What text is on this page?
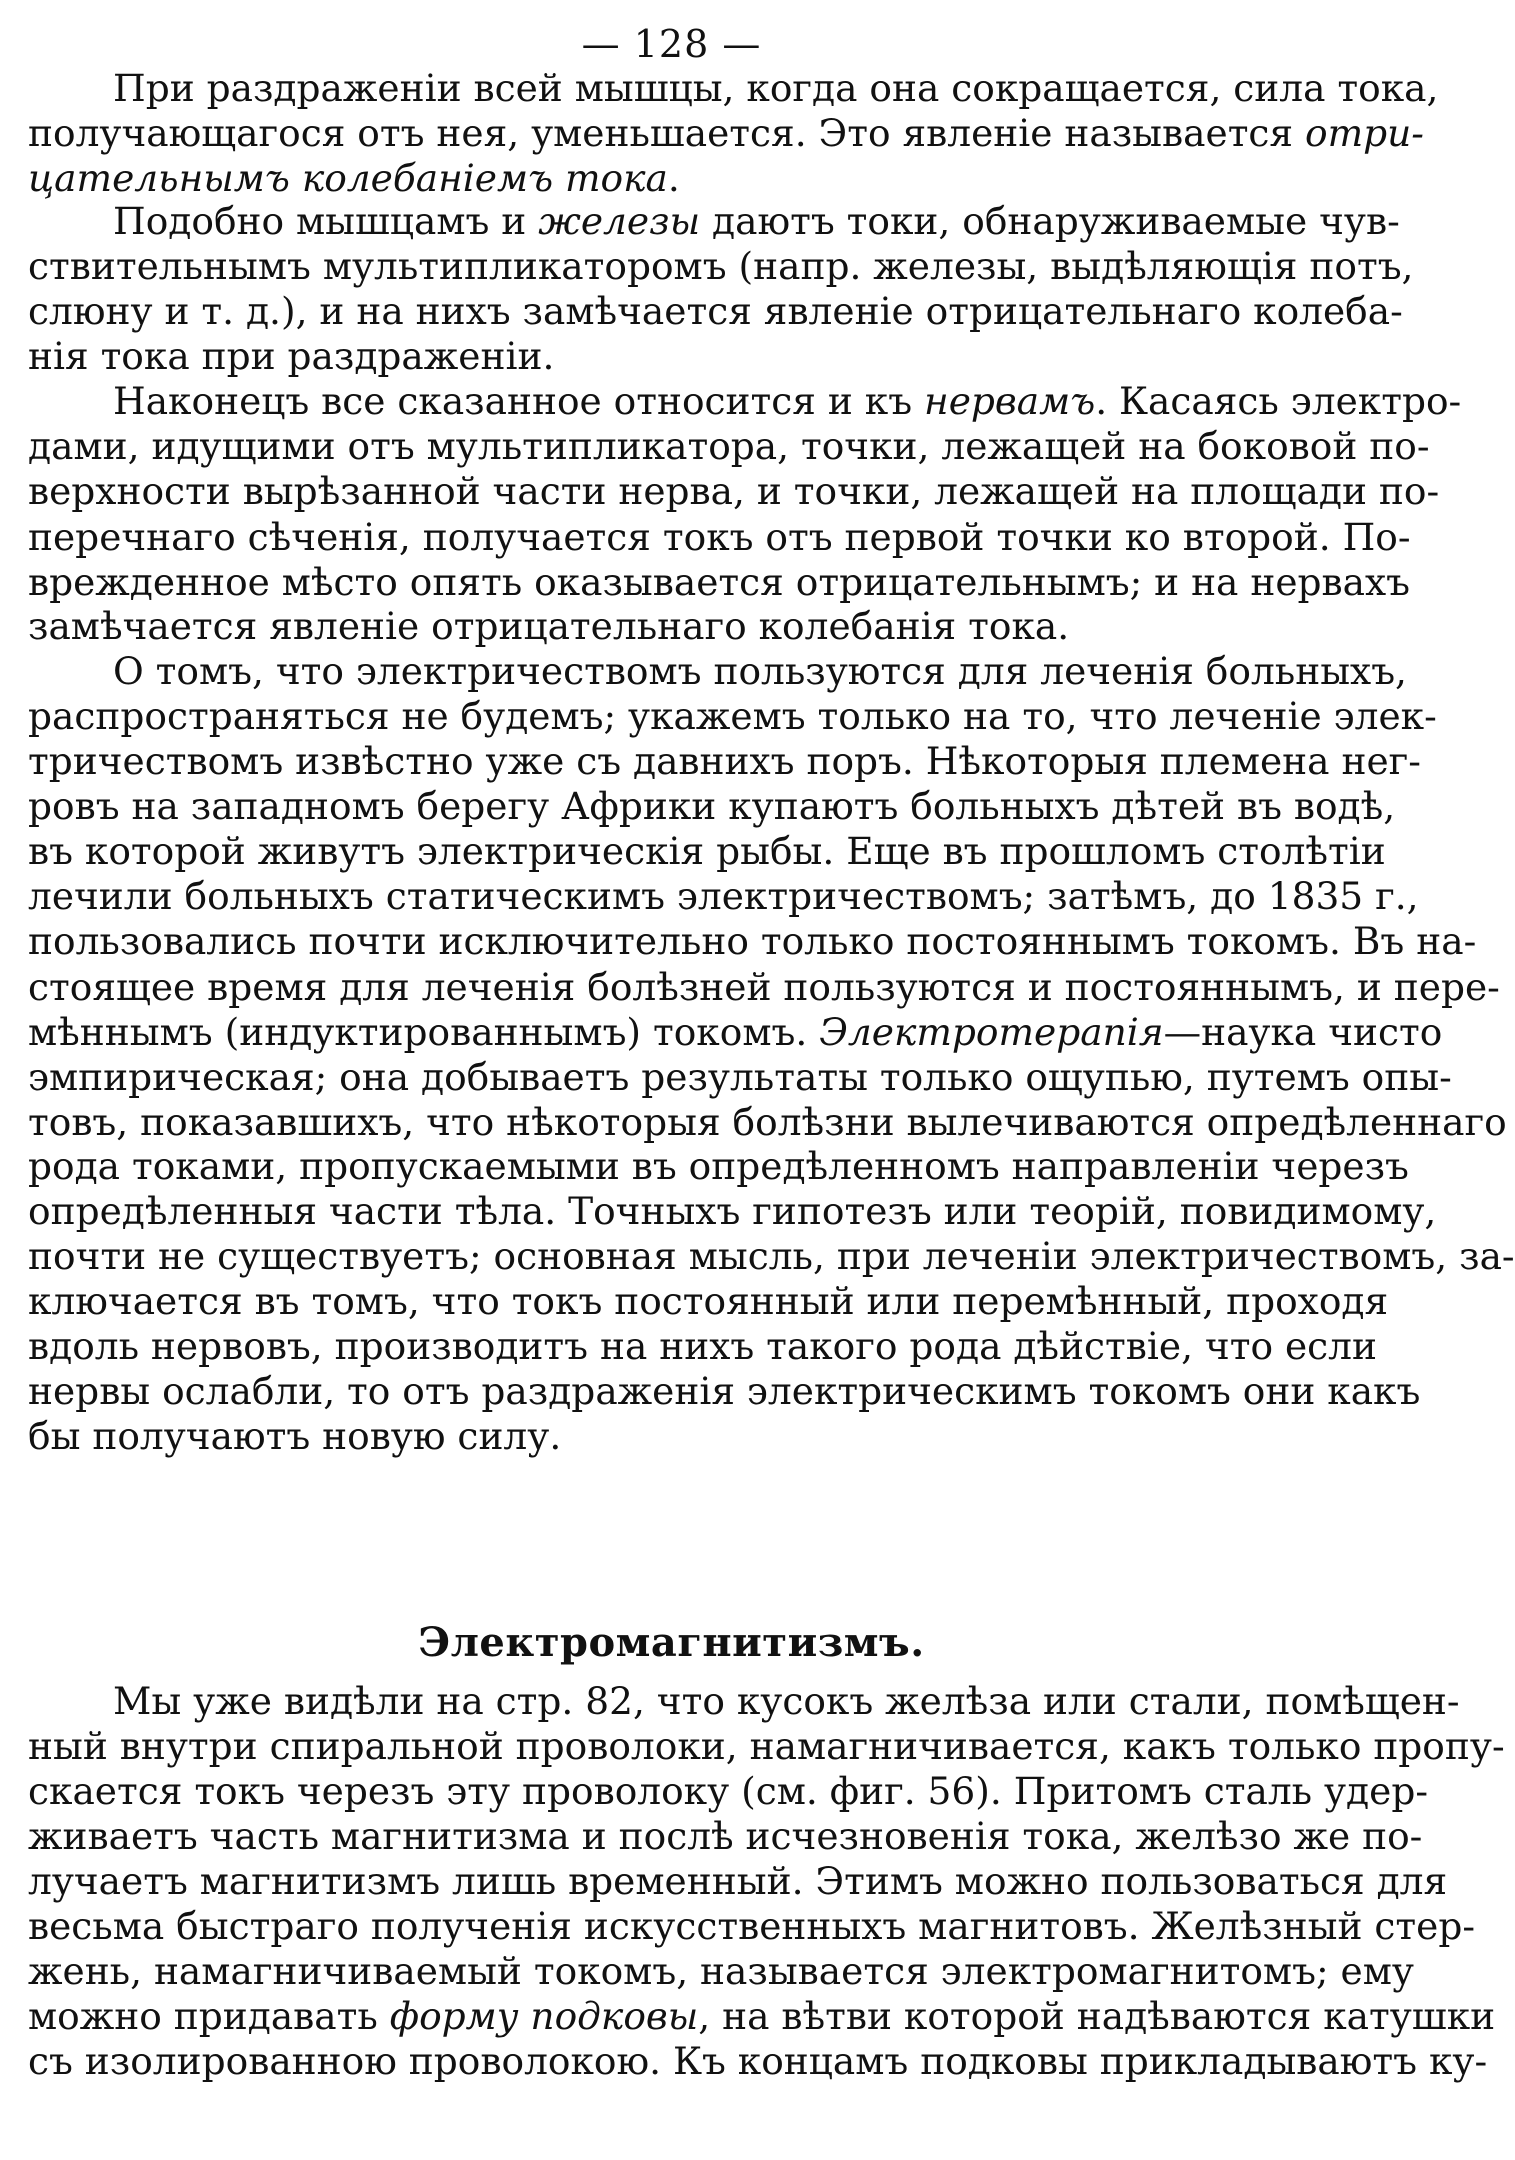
— 128 —
При раздраженіи всей мышцы, когда она сокращается, сила тока,
получающагося отъ нея, уменьшается. Это явленіе называется отри-
цательнымъ колебаніемъ тока.
Подобно мышцамъ и железы даютъ токи, обнаруживаемые чув-
ствительнымъ мультипликаторомъ (напр. железы, выдѣляющія потъ,
слюну и т. д.), и на нихъ замѣчается явленіе отрицательнаго колеба-
нія тока при раздраженіи.
Наконецъ все сказанное относится и къ нервамъ. Касаясь электро-
дами, идущими отъ мультипликатора, точки, лежащей на боковой по-
верхности вырѣзанной части нерва, и точки, лежащей на площади по-
перечнаго сѣченія, получается токъ отъ первой точки ко второй. По-
врежденное мѣсто опять оказывается отрицательнымъ; и на нервахъ
замѣчается явленіе отрицательнаго колебанія тока.
О томъ, что электричествомъ пользуются для леченія больныхъ,
распространяться не будемъ; укажемъ только на то, что леченіе элек-
тричествомъ извѣстно уже съ давнихъ поръ. Нѣкоторыя племена нег-
ровъ на западномъ берегу Африки купаютъ больныхъ дѣтей въ водѣ,
въ которой живутъ электрическія рыбы. Еще въ прошломъ столѣтіи
лечили больныхъ статическимъ электричествомъ; затѣмъ, до 1835 г.,
пользовались почти исключительно только постояннымъ токомъ. Въ на-
стоящее время для леченія болѣзней пользуются и постояннымъ, и пере-
мѣннымъ (индуктированнымъ) токомъ. Электротерапія—наука чисто
эмпирическая; она добываетъ результаты только ощупью, путемъ опы-
товъ, показавшихъ, что нѣкоторыя болѣзни вылечиваются опредѣленнаго
рода токами, пропускаемыми въ опредѣленномъ направленіи черезъ
опредѣленныя части тѣла. Точныхъ гипотезъ или теорій, повидимому,
почти не существуетъ; основная мысль, при леченіи электричествомъ, за-
ключается въ томъ, что токъ постоянный или перемѣнный, проходя
вдоль нервовъ, производитъ на нихъ такого рода дѣйствіе, что если
нервы ослабли, то отъ раздраженія электрическимъ токомъ они какъ
бы получаютъ новую силу.
Мы уже видѣли на стр. 82, что кусокъ желѣза или стали, помѣщен-
ный внутри спиральной проволоки, намагничивается, какъ только пропу-
скается токъ черезъ эту проволоку (см. фиг. 56). Притомъ сталь удер-
живаетъ часть магнитизма и послѣ исчезновенія тока, желѣзо же по-
лучаетъ магнитизмъ лишь временный. Этимъ можно пользоваться для
весьма быстраго полученія искусственныхъ магнитовъ. Желѣзный стер-
жень, намагничиваемый токомъ, называется электромагнитомъ; ему
можно придавать форму подковы, на вѣтви которой надѣваются катушки
съ изолированною проволокою. Къ концамъ подковы прикладываютъ ку-
Электромагнитизмъ.
